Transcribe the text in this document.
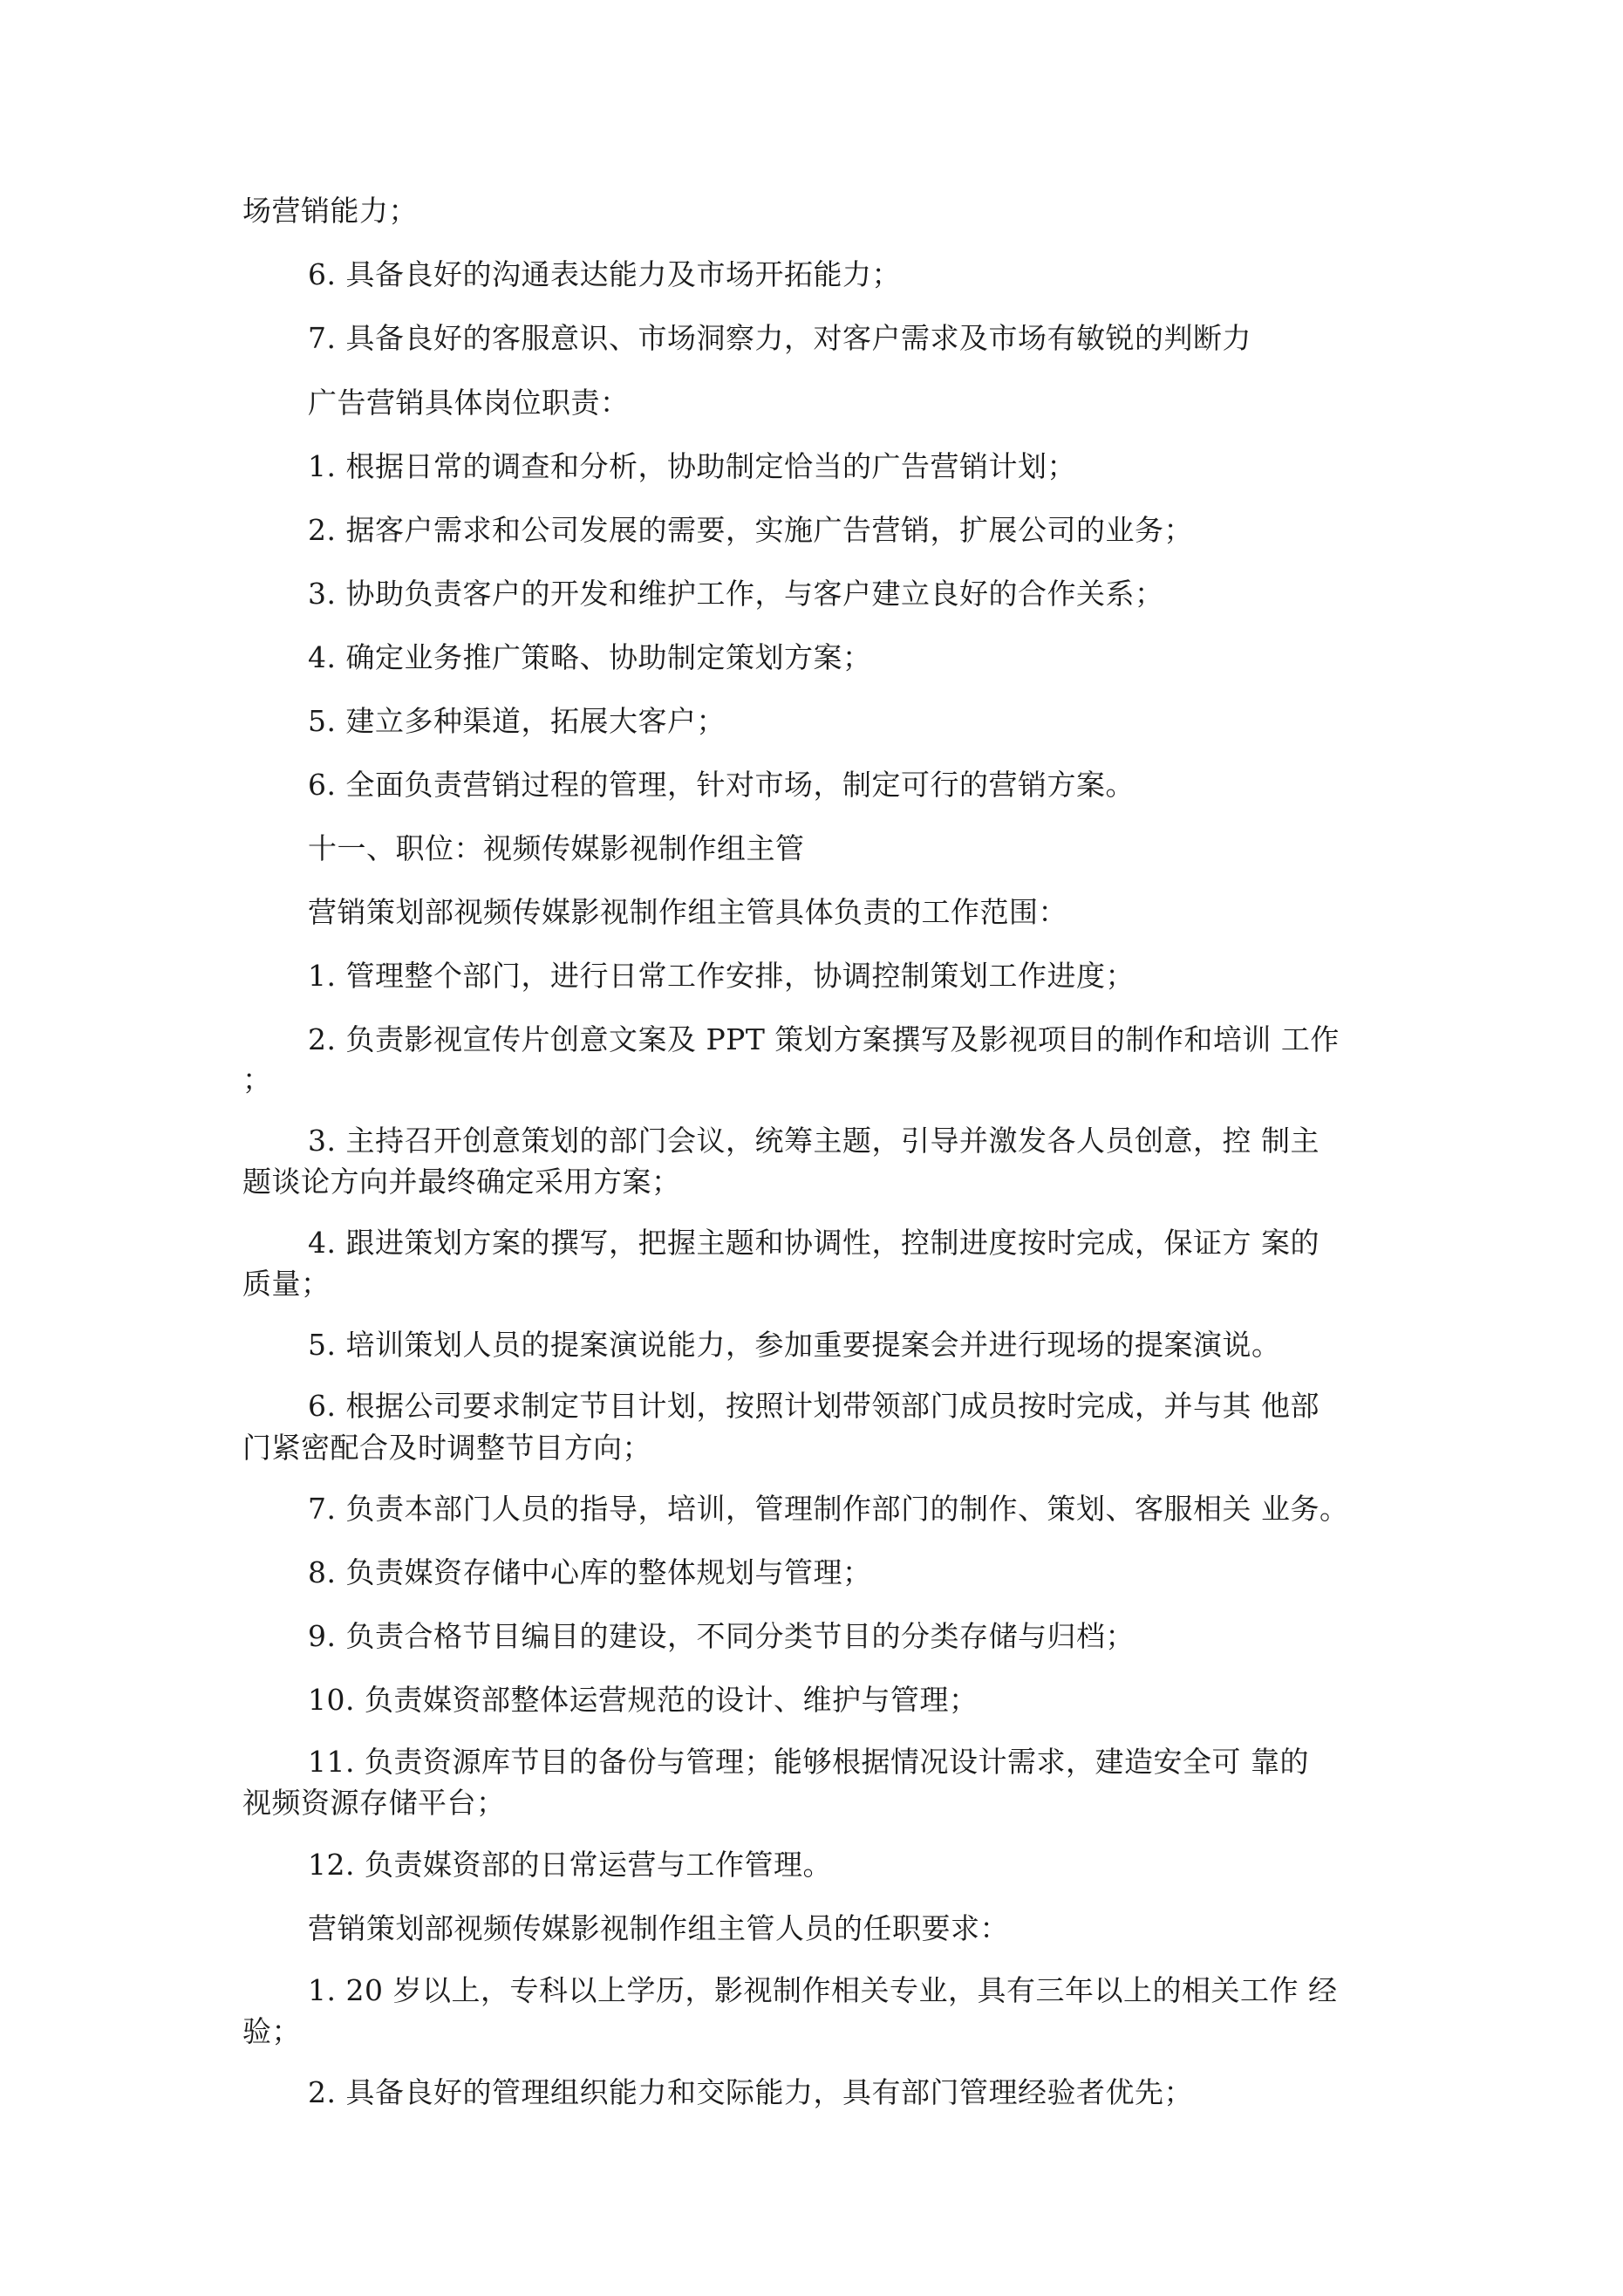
场营销能力；
6. 具备良好的沟通表达能力及市场开拓能力；
7. 具备良好的客服意识、市场洞察力，对客户需求及市场有敏锐的判断力
广告营销具体岗位职责：
1. 根据日常的调查和分析，协助制定恰当的广告营销计划；
2. 据客户需求和公司发展的需要，实施广告营销，扩展公司的业务；
3. 协助负责客户的开发和维护工作，与客户建立良好的合作关系；
4. 确定业务推广策略、协助制定策划方案；
5. 建立多种渠道，拓展大客户；
6. 全面负责营销过程的管理，针对市场，制定可行的营销方案。
十一、职位：视频传媒影视制作组主管
营销策划部视频传媒影视制作组主管具体负责的工作范围：
1. 管理整个部门，进行日常工作安排，协调控制策划工作进度；
2. 负责影视宣传片创意文案及 PPT 策划方案撰写及影视项目的制作和培训 工作
；
3. 主持召开创意策划的部门会议，统筹主题，引导并激发各人员创意，控 制主
题谈论方向并最终确定采用方案；
4. 跟进策划方案的撰写，把握主题和协调性，控制进度按时完成，保证方 案的
质量；
5. 培训策划人员的提案演说能力，参加重要提案会并进行现场的提案演说。
6. 根据公司要求制定节目计划，按照计划带领部门成员按时完成，并与其 他部
门紧密配合及时调整节目方向；
7. 负责本部门人员的指导，培训，管理制作部门的制作、策划、客服相关 业务。
8. 负责媒资存储中心库的整体规划与管理；
9. 负责合格节目编目的建设，不同分类节目的分类存储与归档；
10. 负责媒资部整体运营规范的设计、维护与管理；
11. 负责资源库节目的备份与管理；能够根据情况设计需求，建造安全可 靠的
视频资源存储平台；
12. 负责媒资部的日常运营与工作管理。
营销策划部视频传媒影视制作组主管人员的任职要求：
1. 20 岁以上，专科以上学历，影视制作相关专业，具有三年以上的相关工作 经
验；
2. 具备良好的管理组织能力和交际能力，具有部门管理经验者优先；
